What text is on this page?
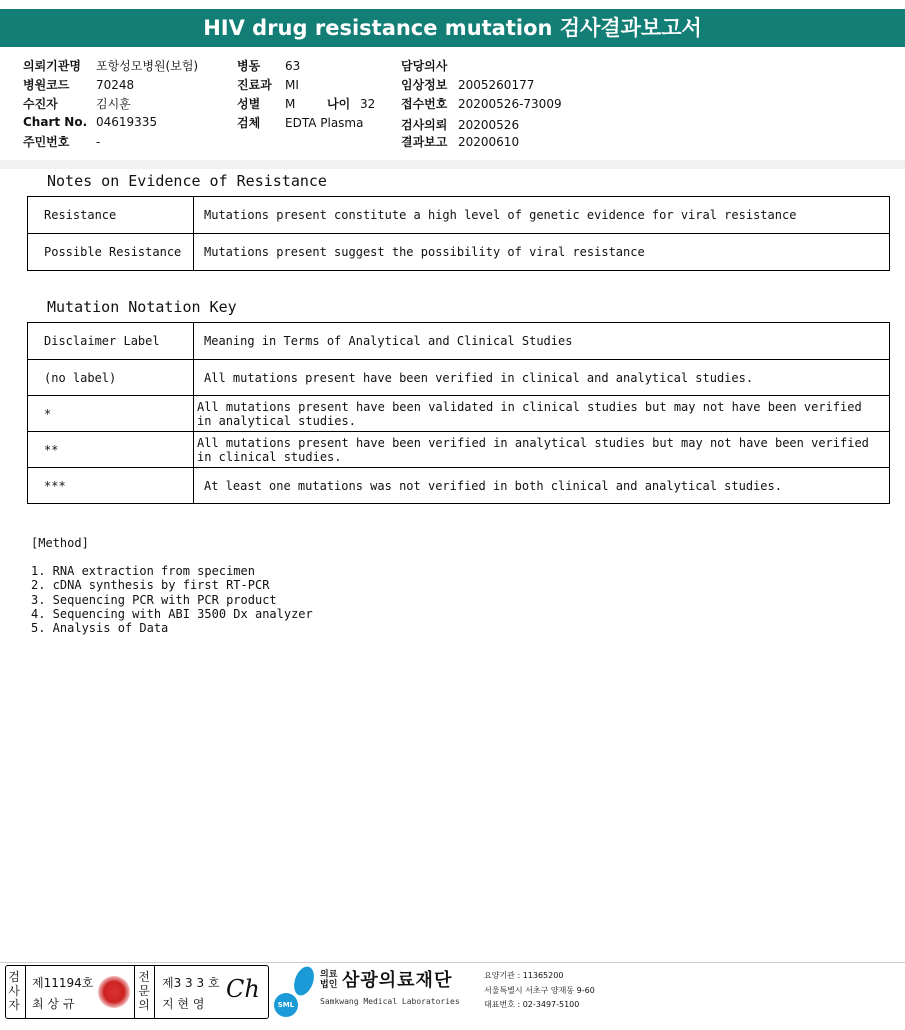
HIV drug resistance mutation 검사결과보고서
의뢰기관명 포항성모병원(보험)
병원코드 70248
수진자	김시훈
Chart No. 04619335
주민번호 -
병동 63
진료과 MI
성별 M	나이 32
검체 EDTA Plasma
담당의사
임상정보 2005260177
접수번호 20200526-73009
검사의뢰 20200526
결과보고 20200610
Notes on Evidence of Resistance
Resistance	Mutations present constitute a high level of genetic evidence for viral resistance
Possible Resistance	Mutations present suggest the possibility of viral resistance
Mutation Notation Key
Disclaimer Label	Meaning in Terms of Analytical and Clinical Studies
(no label)	All mutations present have been verified in clinical and analytical studies.
*	All mutations present have been validated in clinical studies but may not have been verified in analytical studies.
**	All mutations present have been verified in analytical studies but may not have been verified in clinical studies.
***	At least one mutations was not verified in both clinical and analytical studies.
[Method]
1. RNA extraction from specimen
2. cDNA synthesis by first RT-PCR
3. Sequencing PCR with PCR product
4. Sequencing with ABI 3500 Dx analyzer
5. Analysis of Data
검사자
제11194호
최 상 규
전문의
제3 3 3 호
지 현 영
Ch
SML
의료
법인 삼광의료재단
Samkwang Medical Laboratories
요양기관 : 11365200
서울특별시 서초구 양재동 9-60
대표번호 : 02-3497-5100
